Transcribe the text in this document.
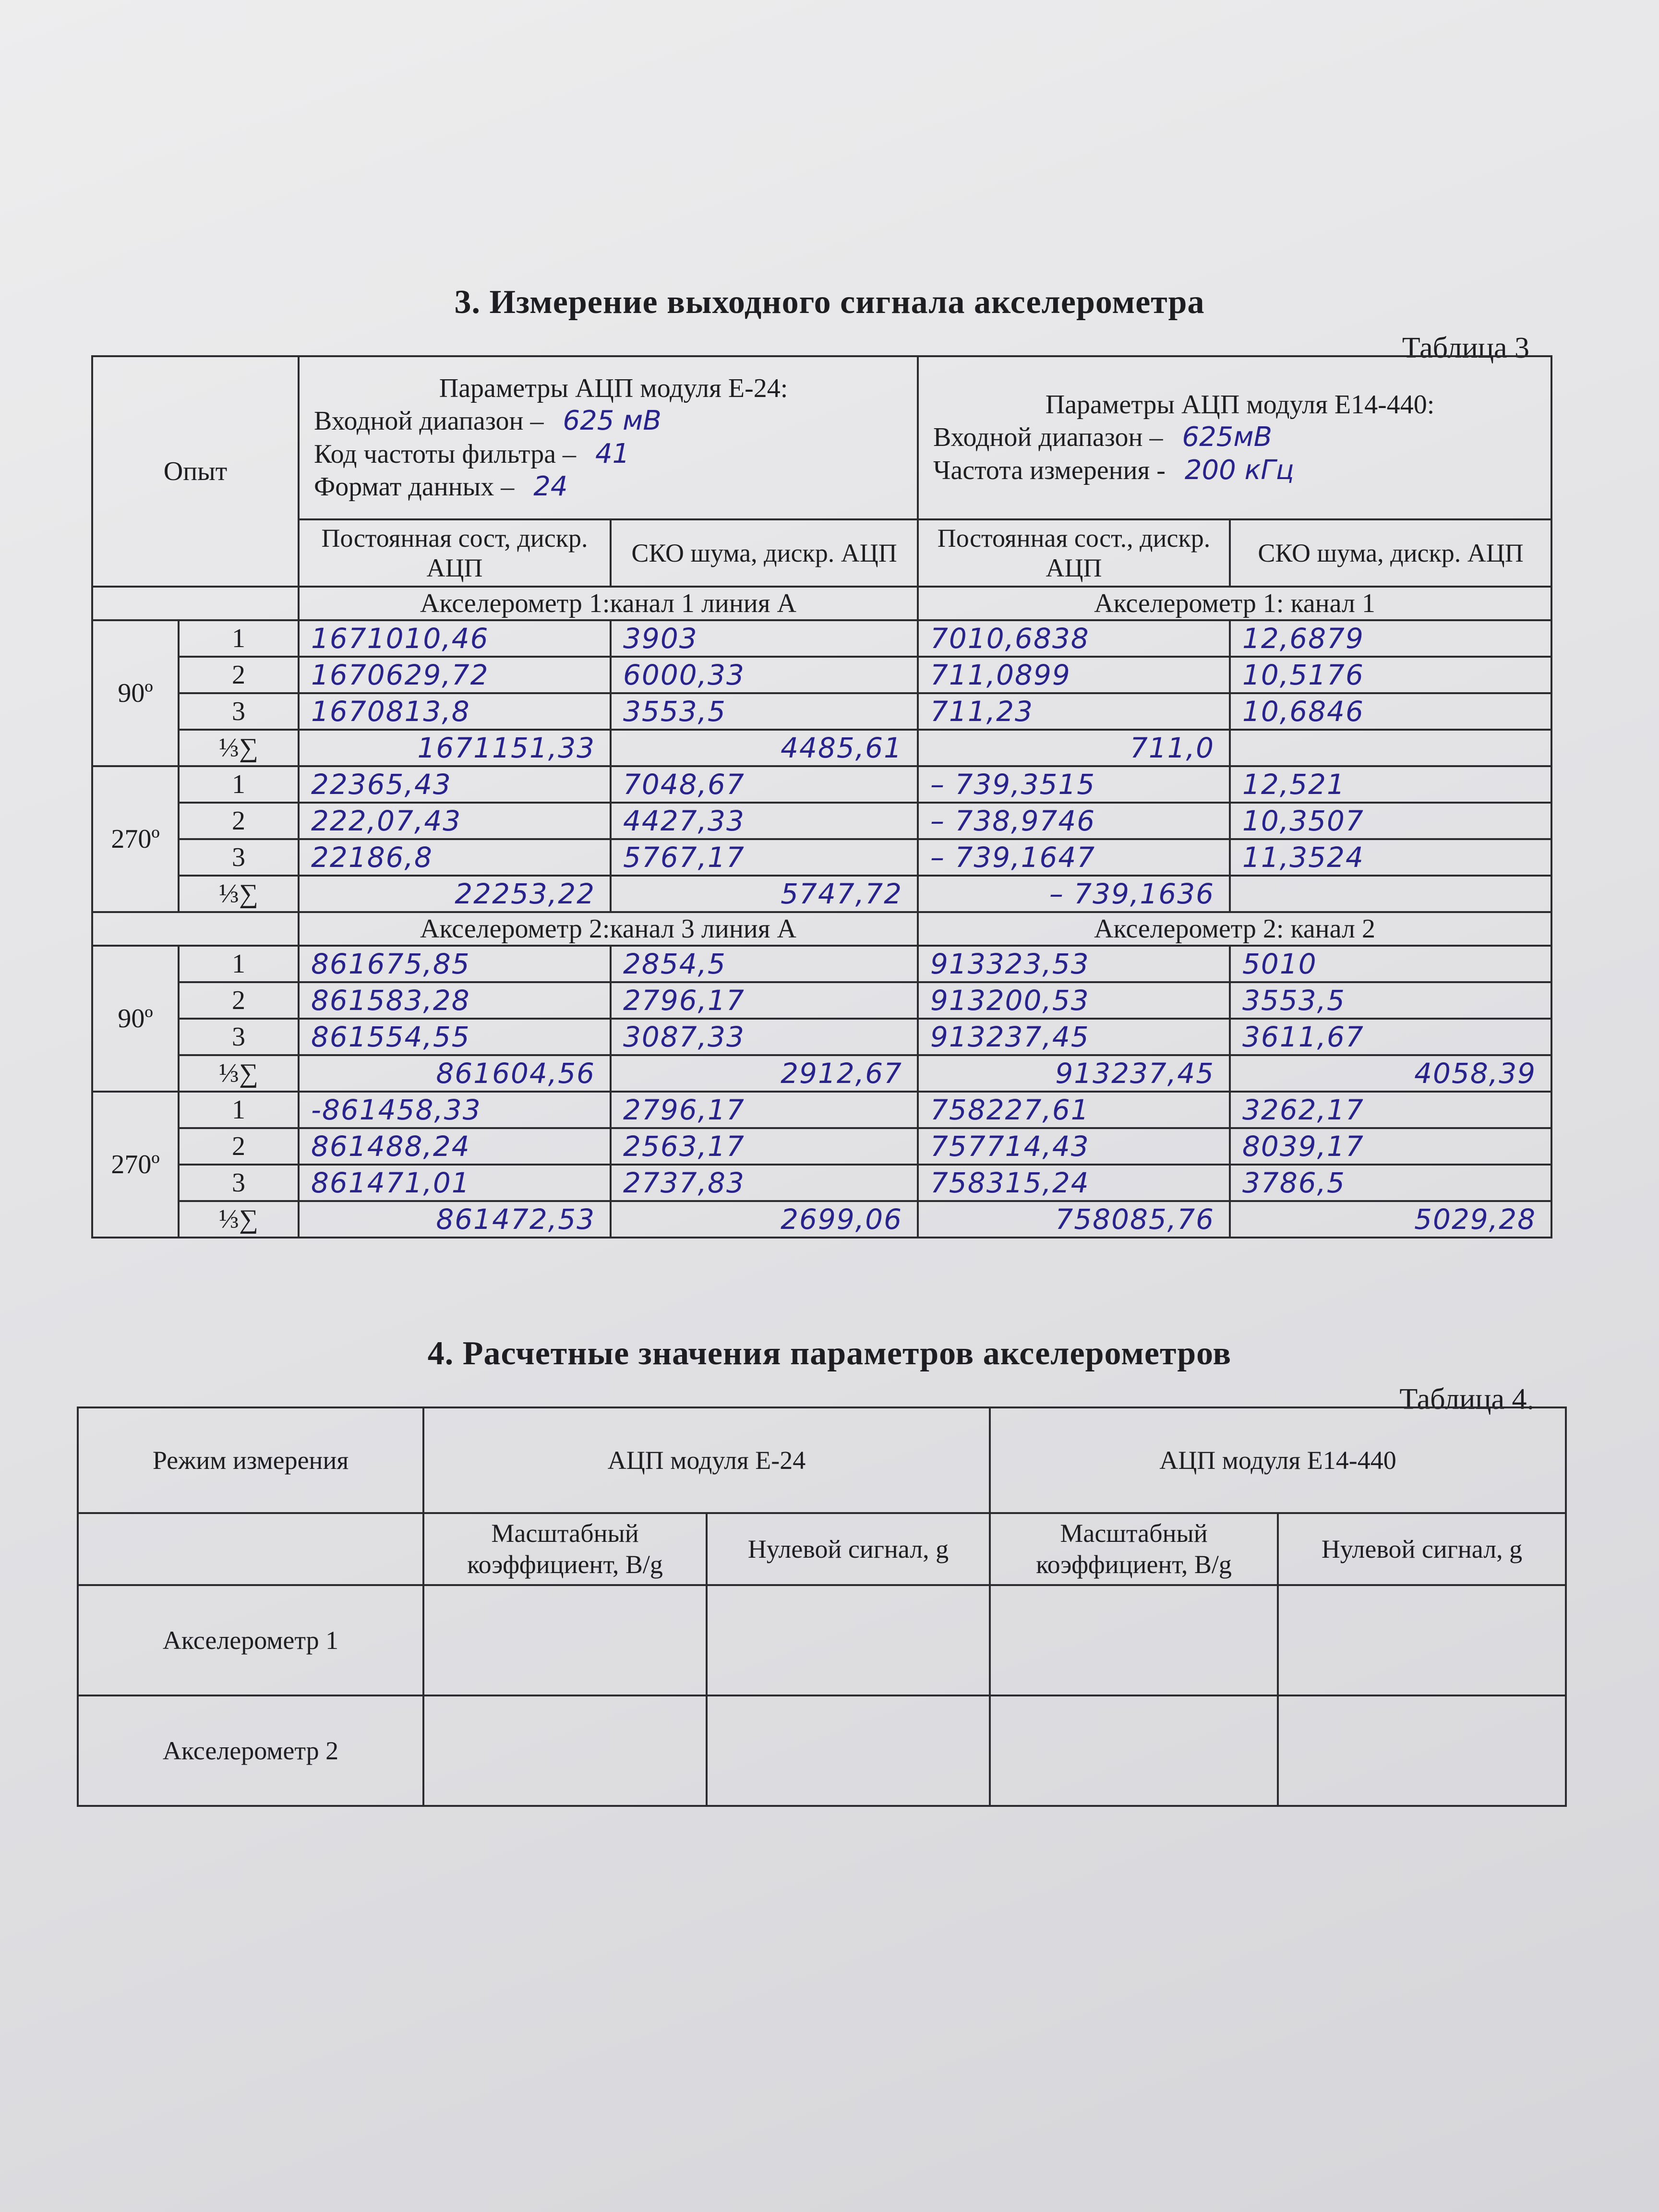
3. Измерение выходного сигнала акселерометра
Таблица 3
Опыт		Параметры АЦП модуля Е-24:
Входной диапазон – 625 мВ
Код частоты фильтра – 41
Формат данных – 24		Параметры АЦП модуля Е14-440:
Входной диапазон – 625мВ
Частота измерения - 200 кГц	

		Постоянная сост, дискр. АЦП	СКО шума, дискр. АЦП	Постоянная сост., дискр. АЦП	СКО шума, дискр. АЦП
		Акселерометр 1:канал 1 линия А		Акселерометр 1: канал 1	
90º	1	1671010,46	3903	7010,6838	12,6879
	2	1670629,72	6000,33	711,0899	10,5176
	3	1670813,8	3553,5	711,23	10,6846
	⅓∑	1671151,33	4485,61	711,0	
270º	1	22365,43	7048,67	– 739,3515	12,521
	2	222,07,43	4427,33	– 738,9746	10,3507
	3	22186,8	5767,17	– 739,1647	11,3524
	⅓∑	22253,22	5747,72	– 739,1636	
		Акселерометр 2:канал 3 линия А		Акселерометр 2: канал 2	
90º	1	861675,85	2854,5	913323,53	5010
	2	861583,28	2796,17	913200,53	3553,5
	3	861554,55	3087,33	913237,45	3611,67
	⅓∑	861604,56	2912,67	913237,45	4058,39
270º	1	-861458,33	2796,17	758227,61	3262,17
	2	861488,24	2563,17	757714,43	8039,17
	3	861471,01	2737,83	758315,24	3786,5
	⅓∑	861472,53	2699,06	758085,76	5029,28
4. Расчетные значения параметров акселерометров
Таблица 4.
Режим измерения	АЦП модуля Е-24		АЦП модуля Е14-440	
	Масштабный коэффициент, В/g	Нулевой сигнал, g	Масштабный коэффициент, В/g	Нулевой сигнал, g
Акселерометр 1				
Акселерометр 2				
